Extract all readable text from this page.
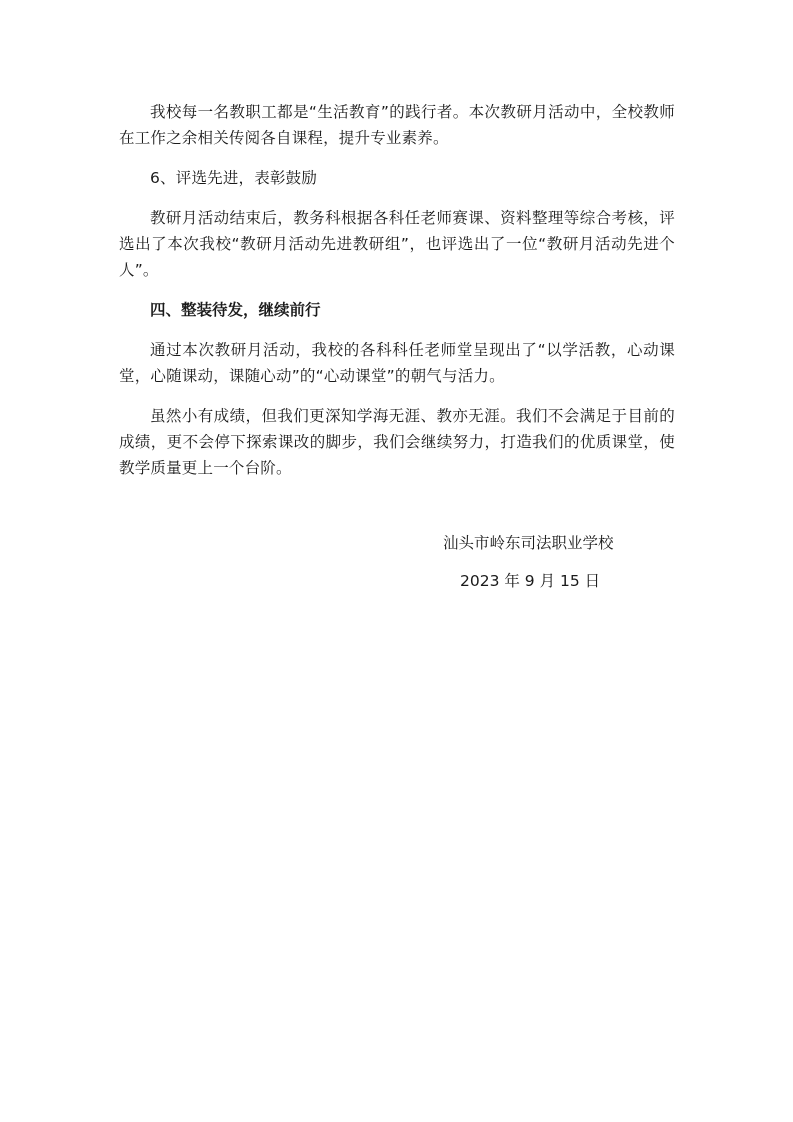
我校每一名教职工都是“生活教育”的践行者。本次教研月活动中，全校教师在工作之余相关传阅各自课程，提升专业素养。

6、评选先进，表彰鼓励

教研月活动结束后，教务科根据各科任老师赛课、资料整理等综合考核，评选出了本次我校“教研月活动先进教研组”，也评选出了一位“教研月活动先进个人”。

四、整装待发，继续前行

通过本次教研月活动，我校的各科科任老师堂呈现出了“以学活教，心动课堂，心随课动，课随心动”的“心动课堂”的朝气与活力。

虽然小有成绩，但我们更深知学海无涯、教亦无涯。我们不会满足于目前的成绩，更不会停下探索课改的脚步，我们会继续努力，打造我们的优质课堂，使教学质量更上一个台阶。

汕头市岭东司法职业学校
2023 年 9 月 15 日
